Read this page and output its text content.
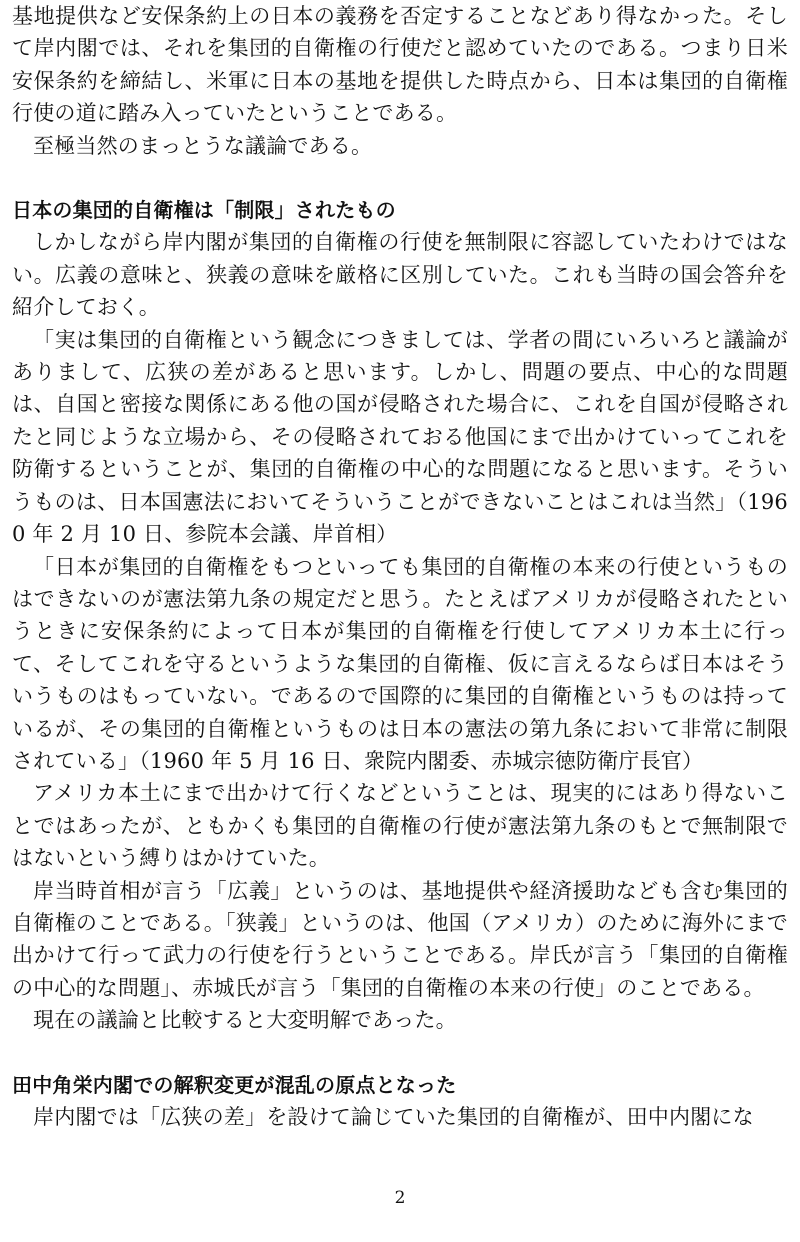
基地提供など安保条約上の日本の義務を否定することなどあり得なかった。そして岸内閣では、それを集団的自衛権の行使だと認めていたのである。つまり日米安保条約を締結し、米軍に日本の基地を提供した時点から、日本は集団的自衛権行使の道に踏み入っていたということである。

至極当然のまっとうな議論である。

日本の集団的自衛権は「制限」されたもの

しかしながら岸内閣が集団的自衛権の行使を無制限に容認していたわけではない。広義の意味と、狭義の意味を厳格に区別していた。これも当時の国会答弁を紹介しておく。

「実は集団的自衛権という観念につきましては、学者の間にいろいろと議論がありまして、広狭の差があると思います。しかし、問題の要点、中心的な問題は、自国と密接な関係にある他の国が侵略された場合に、これを自国が侵略されたと同じような立場から、その侵略されておる他国にまで出かけていってこれを防衛するということが、集団的自衛権の中心的な問題になると思います。そういうものは、日本国憲法においてそういうことができないことはこれは当然」（1960 年 2 月 10 日、参院本会議、岸首相）

「日本が集団的自衛権をもつといっても集団的自衛権の本来の行使というものはできないのが憲法第九条の規定だと思う。たとえばアメリカが侵略されたというときに安保条約によって日本が集団的自衛権を行使してアメリカ本土に行って、そしてこれを守るというような集団的自衛権、仮に言えるならば日本はそういうものはもっていない。であるので国際的に集団的自衛権というものは持っているが、その集団的自衛権というものは日本の憲法の第九条において非常に制限されている」（1960 年 5 月 16 日、衆院内閣委、赤城宗徳防衛庁長官）

アメリカ本土にまで出かけて行くなどということは、現実的にはあり得ないことではあったが、ともかくも集団的自衛権の行使が憲法第九条のもとで無制限ではないという縛りはかけていた。

岸当時首相が言う「広義」というのは、基地提供や経済援助なども含む集団的自衛権のことである。「狭義」というのは、他国（アメリカ）のために海外にまで出かけて行って武力の行使を行うということである。岸氏が言う「集団的自衛権の中心的な問題」、赤城氏が言う「集団的自衛権の本来の行使」のことである。

現在の議論と比較すると大変明解であった。

田中角栄内閣での解釈変更が混乱の原点となった

岸内閣では「広狭の差」を設けて論じていた集団的自衛権が、田中内閣にな

2
